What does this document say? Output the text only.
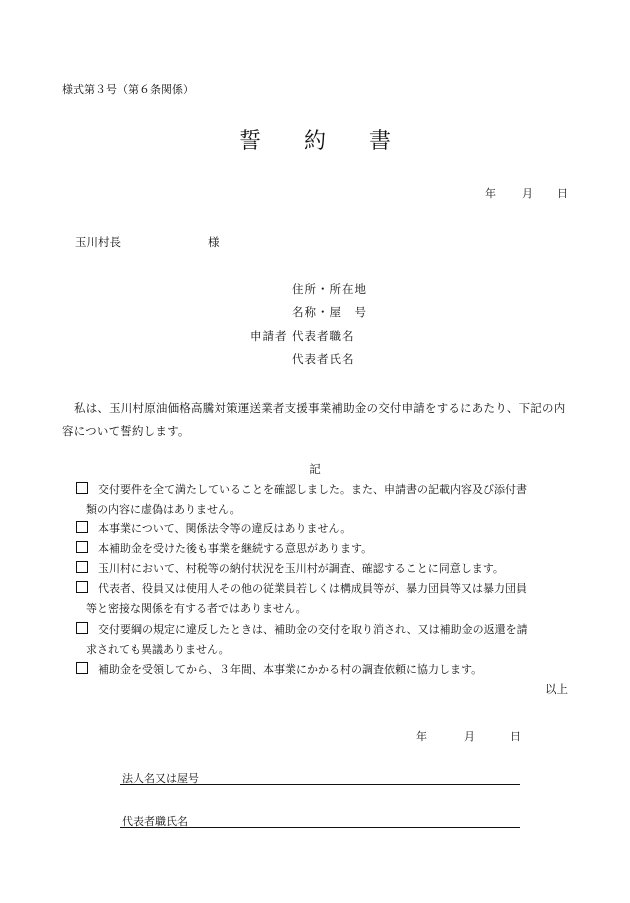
様式第３号（第６条関係）
誓 約 書
年 月 日
玉川村長	様
住所・所在地
名称・屋　号
申請者 代表者職名
代表者氏名
私は、玉川村原油価格高騰対策運送業者支援事業補助金の交付申請をするにあたり、下記の内容について誓約します。
記
交付要件を全て満たしていることを確認しました。また、申請書の記載内容及び添付書
類の内容に虚偽はありません。
本事業について、関係法令等の違反はありません。
本補助金を受けた後も事業を継続する意思があります。
玉川村において、村税等の納付状況を玉川村が調査、確認することに同意します。
代表者、役員又は使用人その他の従業員若しくは構成員等が、暴力団員等又は暴力団員
等と密接な関係を有する者ではありません。
交付要綱の規定に違反したときは、補助金の交付を取り消され、又は補助金の返還を請
求されても異議ありません。
補助金を受領してから、３年間、本事業にかかる村の調査依頼に協力します。
以上
年	月	日
法人名又は屋号
代表者職氏名
